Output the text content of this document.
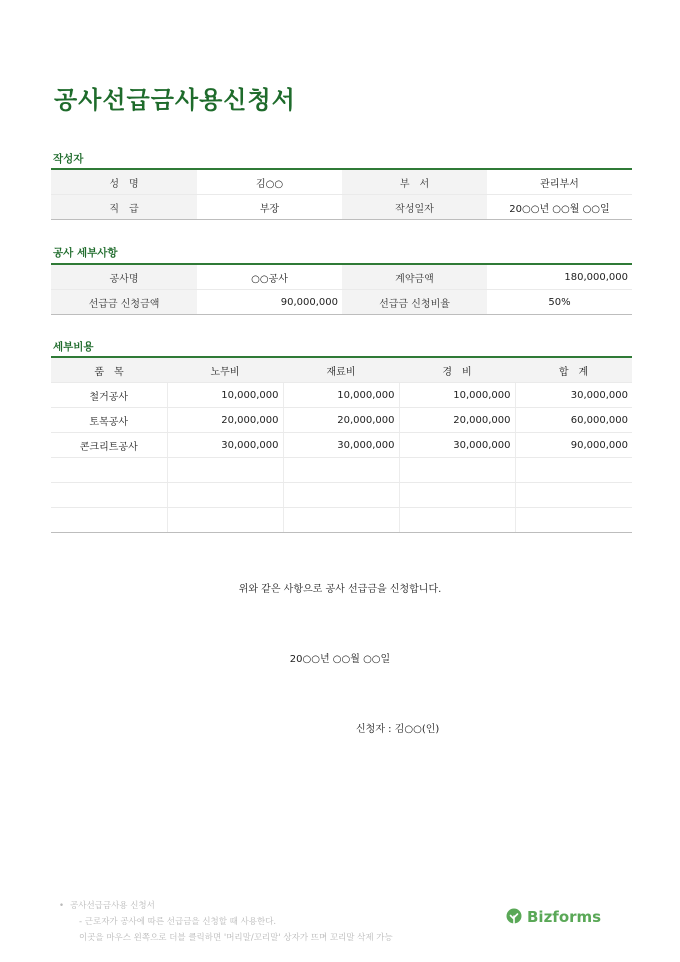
공사선급금사용신청서
작성자
성　명	김○○	부　서	관리부서
직　급	부장	작성일자	20○○년 ○○월 ○○일
공사 세부사항
공사명	○○공사	계약금액	180,000,000
선급금 신청금액	90,000,000	선급금 신청비율	50%
세부비용
품　목	노무비	재료비	경　비	합　계
철거공사	10,000,000	10,000,000	10,000,000	30,000,000
토목공사	20,000,000	20,000,000	20,000,000	60,000,000
콘크리트공사	30,000,000	30,000,000	30,000,000	90,000,000

위와 같은 사항으로 공사 선급금을 신청합니다.
20○○년 ○○월 ○○일
신청자 : 김○○(인)
• 공사선급금사용 신청서
- 근로자가 공사에 따른 선급금을 신청할 때 사용한다.
이곳을 마우스 왼쪽으로 더블 클릭하면 '머리말/꼬리말' 상자가 뜨며 꼬리말 삭제 가능
Bizforms
